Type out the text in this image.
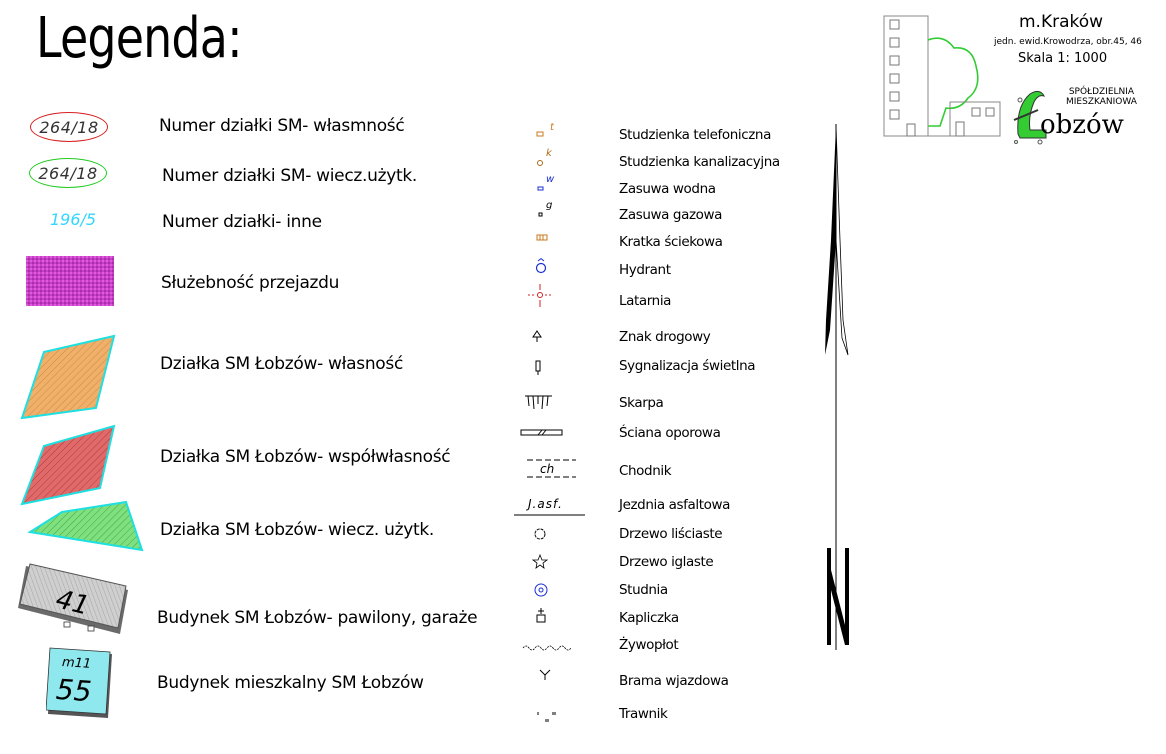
Legenda:	m.Kraków
jedn. ewid.Krowodrza, obr.45, 46
Skala 1: 1000
SPÓŁDZIELNIA
MIESZKANIOWA
obzów
264/18
264/18
196/5
41
m11
55
Numer działki SM- własmność
Numer działki SM- wiecz.użytk.
Numer działki- inne
Służebność przejazdu
Działka SM Łobzów- własność
Działka SM Łobzów- współwłasność
Działka SM Łobzów- wiecz. użytk.
Budynek SM Łobzów- pawilony, garaże
Budynek mieszkalny SM Łobzów
t
k
w
g
ch
J.asf.
Studzienka telefoniczna
Studzienka kanalizacyjna
Zasuwa wodna
Zasuwa gazowa
Kratka ściekowa
Hydrant
Latarnia
Znak drogowy
Sygnalizacja świetlna
Skarpa
Ściana oporowa
Chodnik
Jezdnia asfaltowa
Drzewo liściaste
Drzewo iglaste
Studnia
Kapliczka
Żywopłot
Brama wjazdowa
Trawnik
